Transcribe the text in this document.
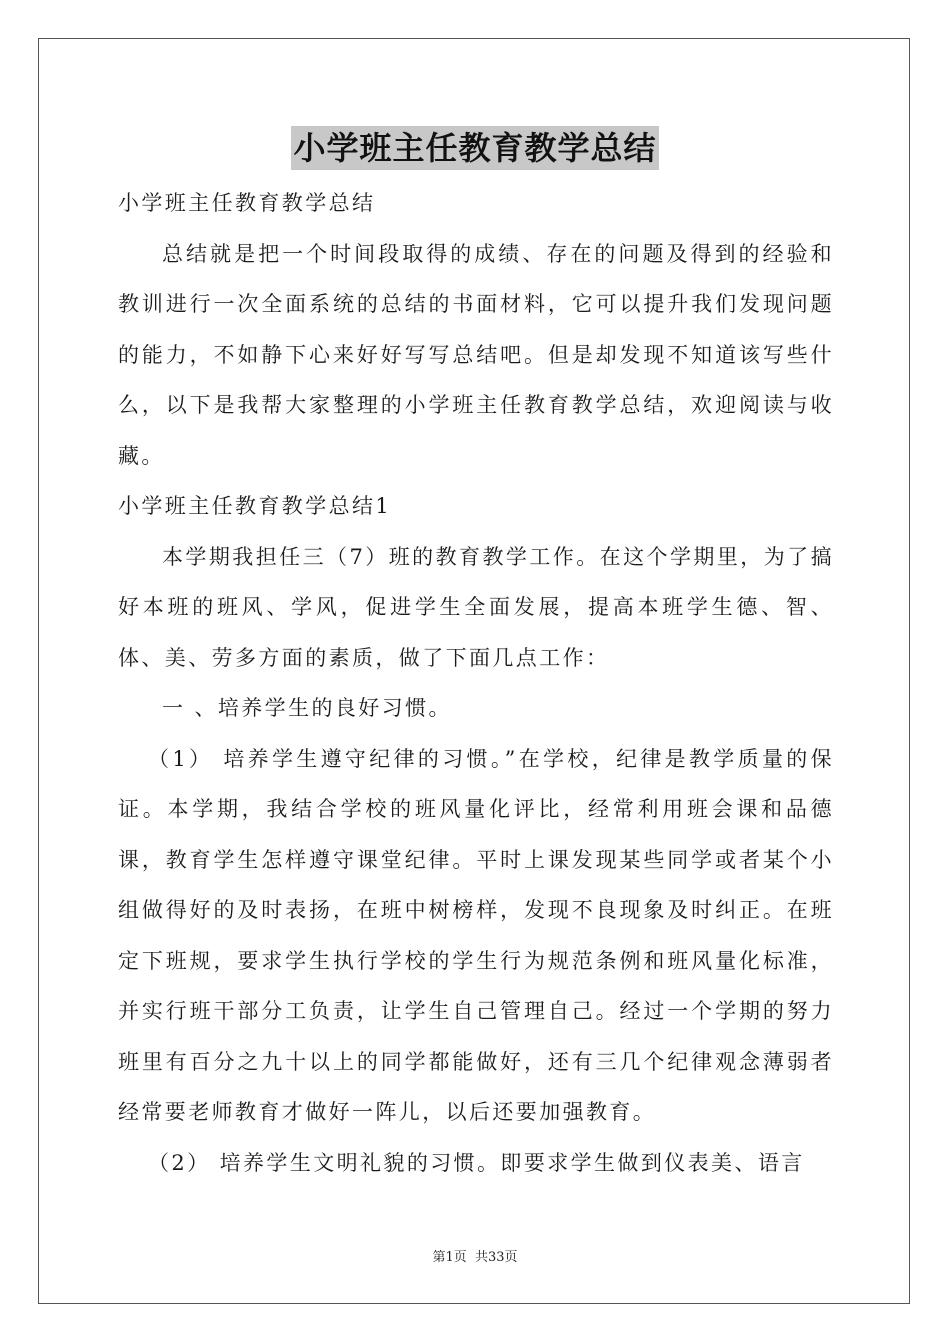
小学班主任教育教学总结

小学班主任教育教学总结

总结就是把一个时间段取得的成绩、存在的问题及得到的经验和教训进行一次全面系统的总结的书面材料，它可以提升我们发现问题的能力，不如静下心来好好写写总结吧。但是却发现不知道该写些什么，以下是我帮大家整理的小学班主任教育教学总结，欢迎阅读与收藏。

小学班主任教育教学总结1

本学期我担任三（7）班的教育教学工作。在这个学期里，为了搞好本班的班风、学风，促进学生全面发展，提高本班学生德、智、体、美、劳多方面的素质，做了下面几点工作：

一 、培养学生的良好习惯。

（1） 培养学生遵守纪律的习惯。”在学校，纪律是教学质量的保证。本学期，我结合学校的班风量化评比，经常利用班会课和品德课，教育学生怎样遵守课堂纪律。平时上课发现某些同学或者某个小组做得好的及时表扬，在班中树榜样，发现不良现象及时纠正。在班定下班规，要求学生执行学校的学生行为规范条例和班风量化标准，并实行班干部分工负责，让学生自己管理自己。经过一个学期的努力班里有百分之九十以上的同学都能做好，还有三几个纪律观念薄弱者经常要老师教育才做好一阵儿，以后还要加强教育。

（2） 培养学生文明礼貌的习惯。即要求学生做到仪表美、语言

第1页 共33页
